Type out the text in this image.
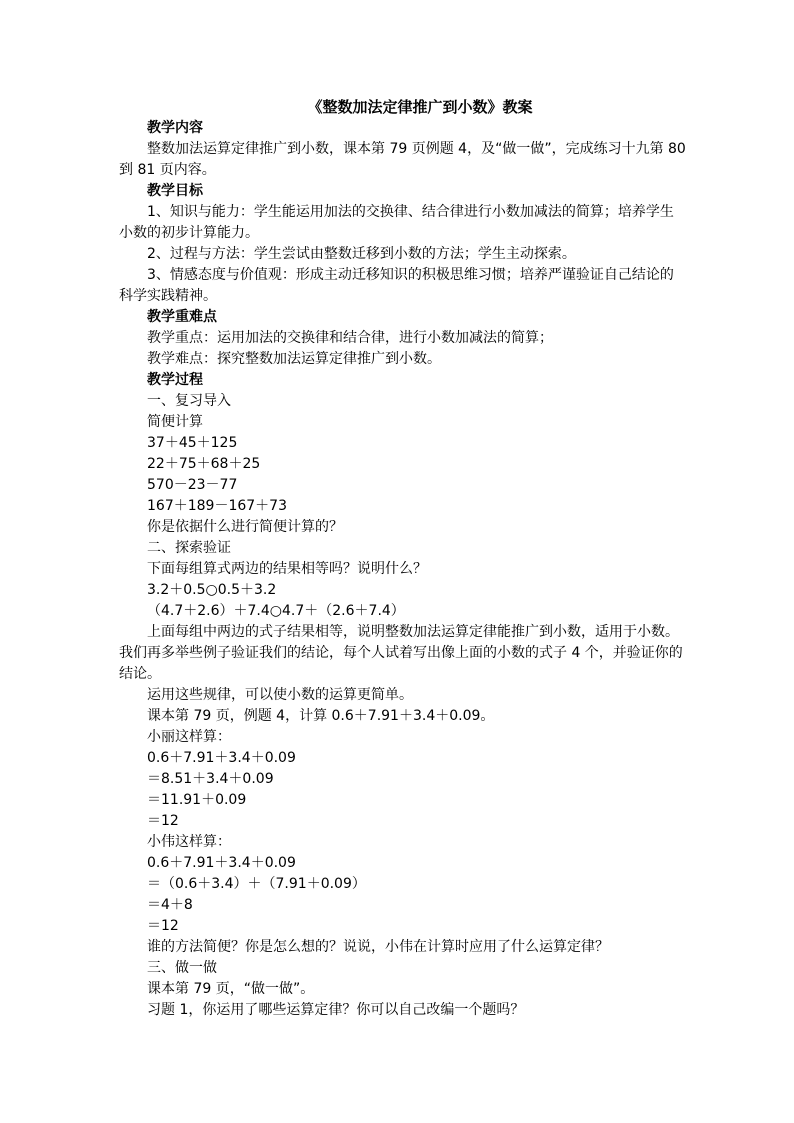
《整数加法定律推广到小数》教案
教学内容
整数加法运算定律推广到小数，课本第 79 页例题 4，及“做一做”，完成练习十九第 80 到 81 页内容。
教学目标
1、知识与能力：学生能运用加法的交换律、结合律进行小数加减法的简算；培养学生小数的初步计算能力。
2、过程与方法：学生尝试由整数迁移到小数的方法；学生主动探索。
3、情感态度与价值观：形成主动迁移知识的积极思维习惯；培养严谨验证自己结论的科学实践精神。
教学重难点
教学重点：运用加法的交换律和结合律，进行小数加减法的简算；
教学难点：探究整数加法运算定律推广到小数。
教学过程
一、复习导入
简便计算
37＋45＋125
22＋75＋68＋25
570－23－77
167＋189－167＋73
你是依据什么进行简便计算的？
二、探索验证
下面每组算式两边的结果相等吗？说明什么？
3.2＋0.5○0.5＋3.2
（4.7＋2.6）＋7.4○4.7＋（2.6＋7.4）
上面每组中两边的式子结果相等，说明整数加法运算定律能推广到小数，适用于小数。我们再多举些例子验证我们的结论，每个人试着写出像上面的小数的式子 4 个，并验证你的结论。
运用这些规律，可以使小数的运算更简单。
课本第 79 页，例题 4，计算 0.6＋7.91＋3.4＋0.09。
小丽这样算：
0.6＋7.91＋3.4＋0.09
＝8.51＋3.4＋0.09
＝11.91＋0.09
＝12
小伟这样算：
0.6＋7.91＋3.4＋0.09
＝（0.6＋3.4）＋（7.91＋0.09）
＝4＋8
＝12
谁的方法简便？你是怎么想的？说说，小伟在计算时应用了什么运算定律？
三、做一做
课本第 79 页，“做一做”。
习题 1，你运用了哪些运算定律？你可以自己改编一个题吗？
